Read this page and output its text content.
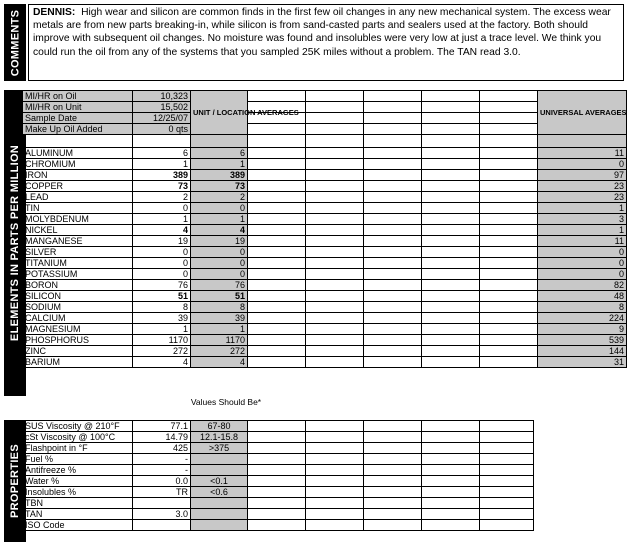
COMMENTS	DENNIS: High wear and silicon are common finds in the first few oil changes in any new mechanical system. The excess wear metals are from new parts breaking-in, while silicon is from sand-casted parts and sealers used at the factory. Both should improve with subsequent oil changes. No moisture was found and insolubles were very low at just a trace level. We think you could run the oil from any of the systems that you sampled 25K miles without a problem. The TAN read 3.0.
ELEMENTS IN PARTS PER MILLION
MI/HR on Oil	10,323	UNIT / LOCATION AVERAGES						UNIVERSAL AVERAGES
MI/HR on Unit	15,502							
Sample Date	12/25/07							
Make Up Oil Added	0 qts							

ALUMINUM	6	6						11
CHROMIUM	1	1						0
IRON	389	389						97
COPPER	73	73						23
LEAD	2	2						23
TIN	0	0						1
MOLYBDENUM	1	1						3
NICKEL	4	4						1
MANGANESE	19	19						11
SILVER	0	0						0
TITANIUM	0	0						0
POTASSIUM	0	0						0
BORON	76	76						82
SILICON	51	51						48
SODIUM	8	8						8
CALCIUM	39	39						224
MAGNESIUM	1	1						9
PHOSPHORUS	1170	1170						539
ZINC	272	272						144
BARIUM	4	4						31
PROPERTIES
Values Should Be*
SUS Viscosity @ 210°F	77.1	67-80					
cSt Viscosity @ 100°C	14.79	12.1-15.8					
Flashpoint in °F	425	>375					
Fuel %	-						
Antifreeze %	-						
Water %	0.0	<0.1					
Insolubles %	TR	<0.6					
TBN							
TAN	3.0						
ISO Code							
